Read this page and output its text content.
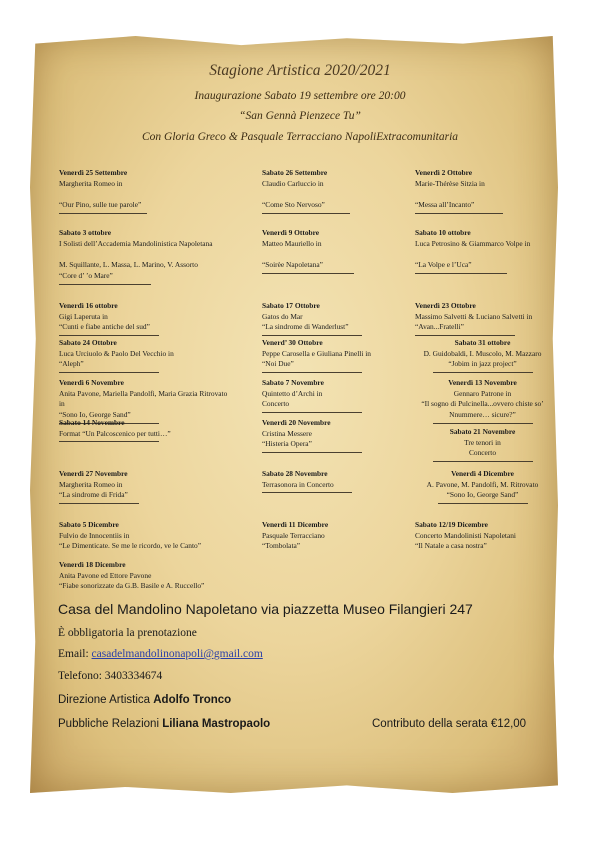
Stagione Artistica 2020/2021
Inaugurazione Sabato 19 settembre ore 20:00
“San Gennà Pienzece Tu”
Con Gloria Greco & Pasquale Terracciano NapoliExtracomunitaria
Venerdì 25 Settembre
Margherita Romeo in

“Our Pino, sulle tue parole”
Sabato 26 Settembre
Claudio Carluccio in

“Come Sto Nervoso”
Venerdì 2 Ottobre
Marie-Thérèse Sitzia in

“Messa all’Incanto”
Sabato 3 ottobre
I Solisti dell’Accademia Mandolinistica Napoletana

M. Squillante, L. Massa, L. Marino, V. Assorto
“Core d’ ’o Mare”
Venerdì 9 Ottobre
Matteo Mauriello in

“Soirèe Napoletana”
Sabato 10 ottobre
Luca Petrosino & Giammarco Volpe in

“La Volpe e l’Uca”
Venerdì 16 ottobre
Gigi Laperuta in
“Cunti e fiabe antiche del sud”
Sabato 17 Ottobre
Gatos do Mar
“La sindrome di Wanderlust”
Venerdì 23 Ottobre
Massimo Salvetti & Luciano Salvetti in
“Avan...Fratelli”
Sabato 24 Ottobre
Luca Urciuolo & Paolo Del Vecchio in
“Aleph”
Venerd’ 30 Ottobre
Peppe Carosella e Giuliana Pinelli in
“Noi Due”
Sabato 31 ottobre
D. Guidobaldi, I. Muscolo, M. Mazzaro
“Jobim in jazz project”
Venerdì 6 Novembre
Anita Pavone, Mariella Pandolfi, Maria Grazia Ritrovato in
“Sono Io, George Sand”
Sabato 7 Novembre
Quintetto d’Archi in
Concerto
Venerdì 13 Novembre
Gennaro Patrone in
“Il sogno di Pulcinella...ovvero chiste so’
Nnummere… sicure?”
Sabato 14 Novembre
Format “Un Palcoscenico per tutti…”
Venerdì 20 Novembre
Cristina Messere
“Histeria Opera”
Sabato 21 Novembre
Tre tenori in
Concerto
Venerdì 27 Novembre
Margherita Romeo in
“La sindrome di Frida”
Sabato 28 Novembre
Terrasonora in Concerto
Venerdì 4 Dicembre
A. Pavone, M. Pandolfi, M. Ritrovato
“Sono Io, George Sand”
Sabato 5 Dicembre
Fulvio de Innocentiis in
“Le Dimenticate. Se me le ricordo, ve le Canto”
Venerdì 11 Dicembre
Pasquale Terracciano
“Tombolata”
Sabato 12/19 Dicembre
Concerto Mandolinisti Napoletani
“Il Natale a casa nostra”
Venerdì 18 Dicembre
Anita Pavone ed Ettore Pavone
“Fiabe sonorizzate da G.B. Basile e A. Ruccello”
Casa del Mandolino Napoletano via piazzetta Museo Filangieri 247
È obbligatoria la prenotazione
Email: casadelmandolinonapoli@gmail.com
Telefono: 3403334674
Direzione Artistica Adolfo Tronco
Pubbliche Relazioni Liliana Mastropaolo	Contributo della serata €12,00
